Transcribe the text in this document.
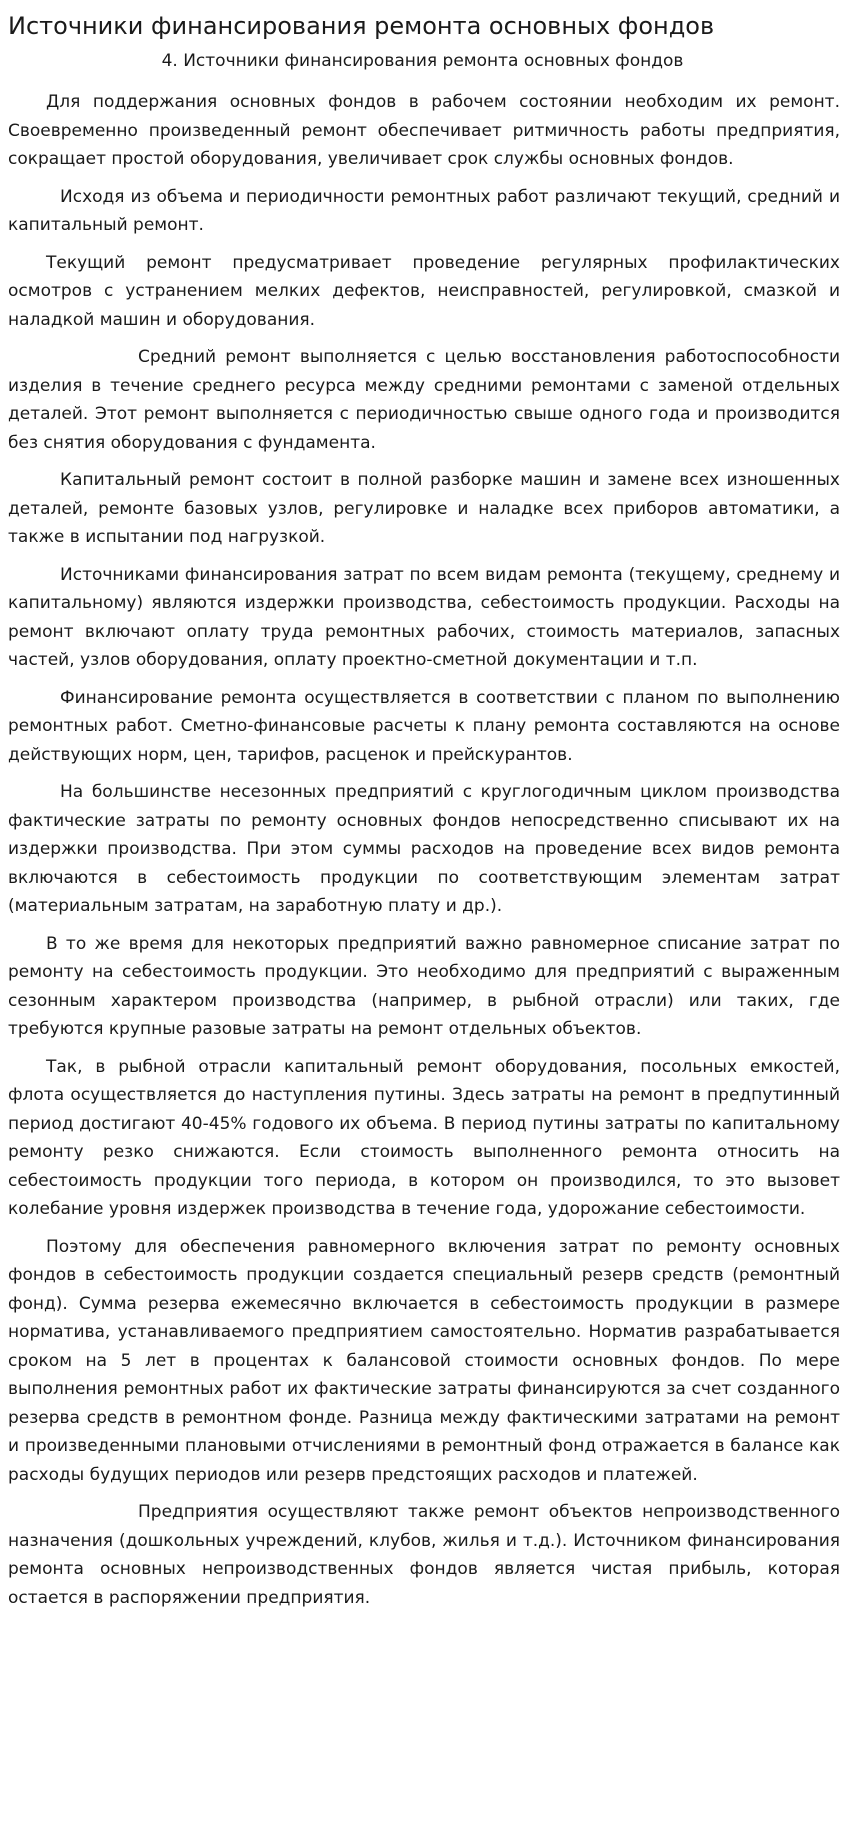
Источники финансирования ремонта основных фондов
4. Источники финансирования ремонта основных фондов

Для поддержания основных фондов в рабочем состоянии необходим их ремонт. Своевременно произведенный ремонт обеспечивает ритмичность работы предприятия, сокращает простой оборудования, увеличивает срок службы основных фондов.

Исходя из объема и периодичности ремонтных работ различают текущий, средний и капитальный ремонт.

Текущий ремонт предусматривает проведение регулярных профилактических осмотров с устранением мелких дефектов, неисправностей, регулировкой, смазкой и наладкой машин и оборудования.

Средний ремонт выполняется с целью восстановления работоспособности изделия в течение среднего ресурса между средними ремонтами с заменой отдельных деталей. Этот ремонт выполняется с периодичностью свыше одного года и производится без снятия оборудования с фундамента.

Капитальный ремонт состоит в полной разборке машин и замене всех изношенных деталей, ремонте базовых узлов, регулировке и наладке всех приборов автоматики, а также в испытании под нагрузкой.

Источниками финансирования затрат по всем видам ремонта (текущему, среднему и капитальному) являются издержки производства, себестоимость продукции. Расходы на ремонт включают оплату труда ремонтных рабочих, стоимость материалов, запасных частей, узлов оборудования, оплату проектно-сметной документации и т.п.

Финансирование ремонта осуществляется в соответствии с планом по выполнению ремонтных работ. Сметно-финансовые расчеты к плану ремонта составляются на основе действующих норм, цен, тарифов, расценок и прейскурантов.

На большинстве несезонных предприятий с круглогодичным циклом производства фактические затраты по ремонту основных фондов непосредственно списывают их на издержки производства. При этом суммы расходов на проведение всех видов ремонта включаются в себестоимость продукции по соответствующим элементам затрат (материальным затратам, на заработную плату и др.).

В то же время для некоторых предприятий важно равномерное списание затрат по ремонту на себестоимость продукции. Это необходимо для предприятий с выраженным сезонным характером производства (например, в рыбной отрасли) или таких, где требуются крупные разовые затраты на ремонт отдельных объектов.

Так, в рыбной отрасли капитальный ремонт оборудования, посольных емкостей, флота осуществляется до наступления путины. Здесь затраты на ремонт в предпутинный период достигают 40-45% годового их объема. В период путины затраты по капитальному ремонту резко снижаются. Если стоимость выполненного ремонта относить на себестоимость продукции того периода, в котором он производился, то это вызовет колебание уровня издержек производства в течение года, удорожание себестоимости.

Поэтому для обеспечения равномерного включения затрат по ремонту основных фондов в себестоимость продукции создается специальный резерв средств (ремонтный фонд). Сумма резерва ежемесячно включается в себестоимость продукции в размере норматива, устанавливаемого предприятием самостоятельно. Норматив разрабатывается сроком на 5 лет в процентах к балансовой стоимости основных фондов. По мере выполнения ремонтных работ их фактические затраты финансируются за счет созданного резерва средств в ремонтном фонде. Разница между фактическими затратами на ремонт и произведенными плановыми отчислениями в ремонтный фонд отражается в балансе как расходы будущих периодов или резерв предстоящих расходов и платежей.

Предприятия осуществляют также ремонт объектов непроизводственного назначения (дошкольных учреждений, клубов, жилья и т.д.). Источником финансирования ремонта основных непроизводственных фондов является чистая прибыль, которая остается в распоряжении предприятия.
